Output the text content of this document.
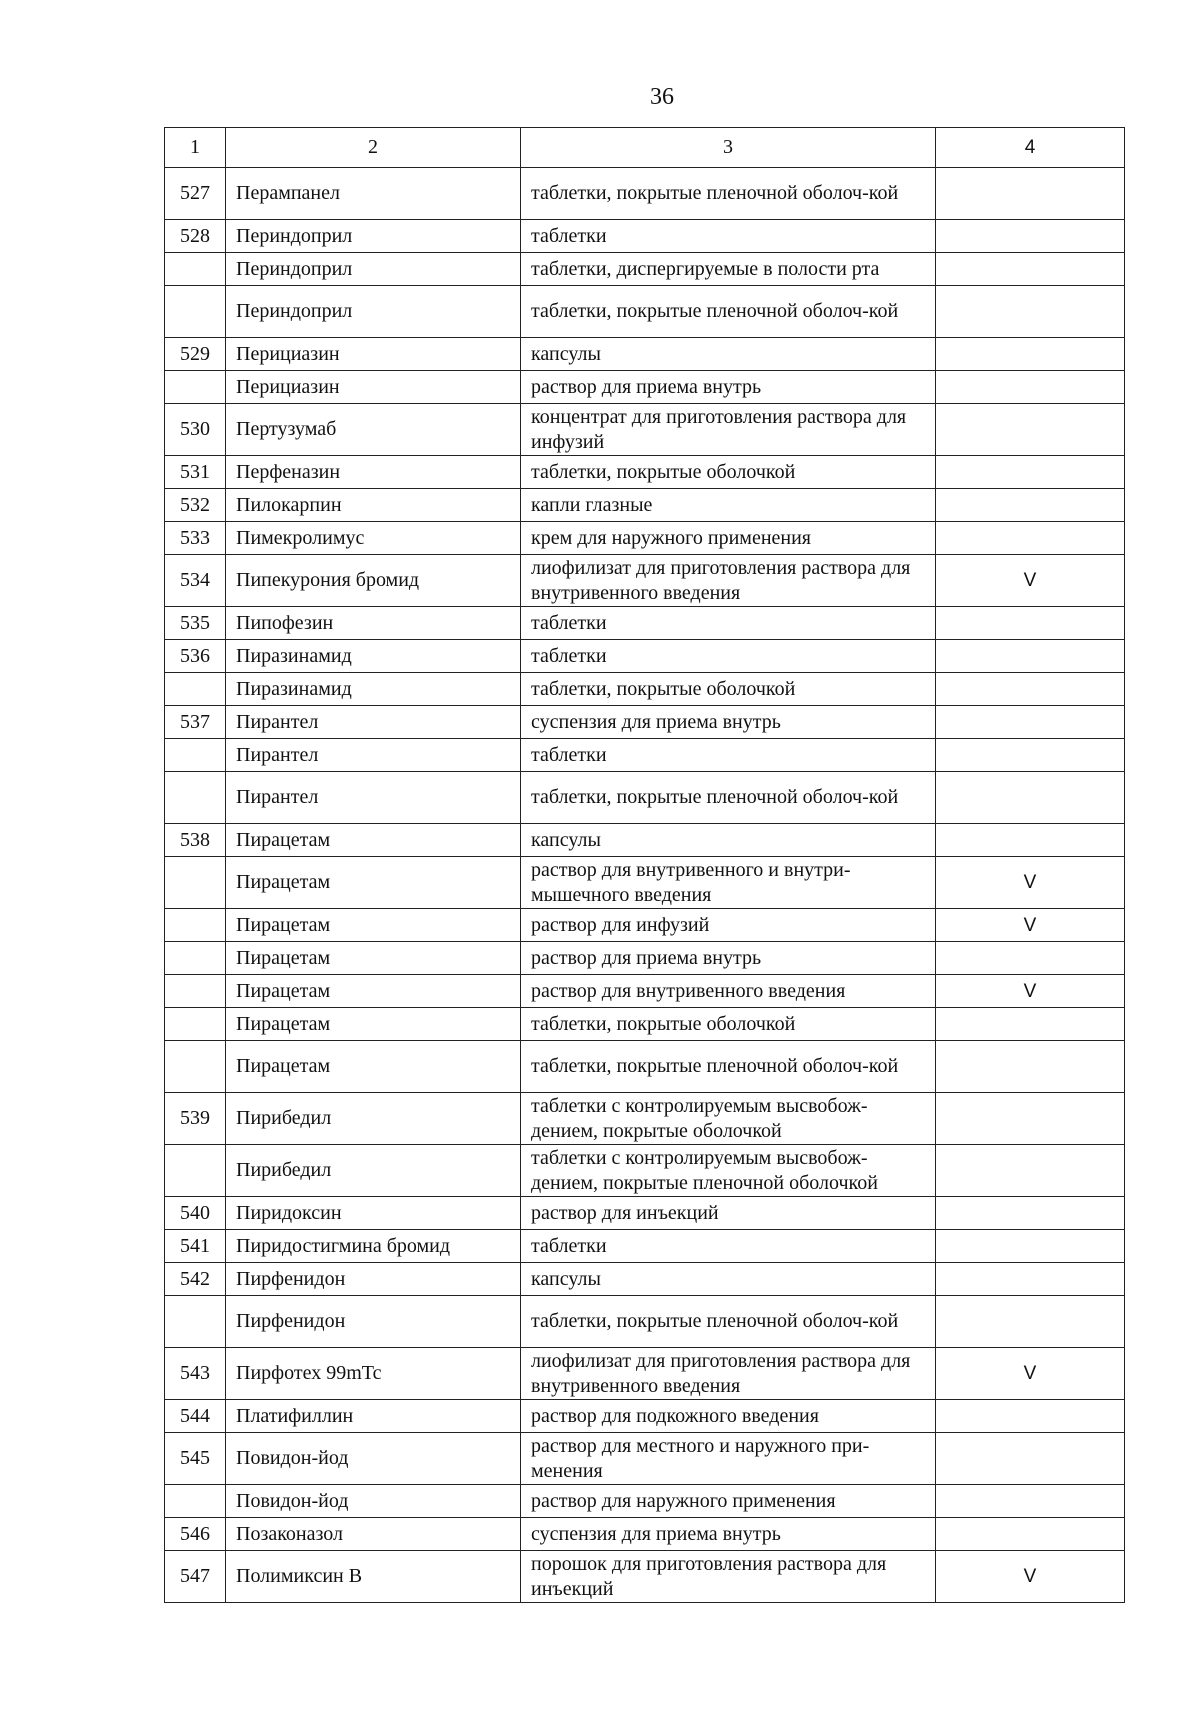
36
1	2	3	4
527	Перампанел	таблетки, покрытые пленочной оболоч-кой	
528	Периндоприл	таблетки	
	Периндоприл	таблетки, диспергируемые в полости рта	
	Периндоприл	таблетки, покрытые пленочной оболоч-кой	
529	Перициазин	капсулы	
	Перициазин	раствор для приема внутрь	
530	Пертузумаб	концентрат для приготовления раствора для инфузий	
531	Перфеназин	таблетки, покрытые оболочкой	
532	Пилокарпин	капли глазные	
533	Пимекролимус	крем для наружного применения	
534	Пипекурония бромид	лиофилизат для приготовления раствора для внутривенного введения	V
535	Пипофезин	таблетки	
536	Пиразинамид	таблетки	
	Пиразинамид	таблетки, покрытые оболочкой	
537	Пирантел	суспензия для приема внутрь	
	Пирантел	таблетки	
	Пирантел	таблетки, покрытые пленочной оболоч-кой	
538	Пирацетам	капсулы	
	Пирацетам	раствор для внутривенного и внутри-мышечного введения	V
	Пирацетам	раствор для инфузий	V
	Пирацетам	раствор для приема внутрь	
	Пирацетам	раствор для внутривенного введения	V
	Пирацетам	таблетки, покрытые оболочкой	
	Пирацетам	таблетки, покрытые пленочной оболоч-кой	
539	Пирибедил	таблетки с контролируемым высвобож-дением, покрытые оболочкой	
	Пирибедил	таблетки с контролируемым высвобож-дением, покрытые пленочной оболочкой	
540	Пиридоксин	раствор для инъекций	
541	Пиридостигмина бромид	таблетки	
542	Пирфенидон	капсулы	
	Пирфенидон	таблетки, покрытые пленочной оболоч-кой	
543	Пирфотех 99mTc	лиофилизат для приготовления раствора для внутривенного введения	V
544	Платифиллин	раствор для подкожного введения	
545	Повидон-йод	раствор для местного и наружного при-менения	
	Повидон-йод	раствор для наружного применения	
546	Позаконазол	суспензия для приема внутрь	
547	Полимиксин В	порошок для приготовления раствора для инъекций	V
